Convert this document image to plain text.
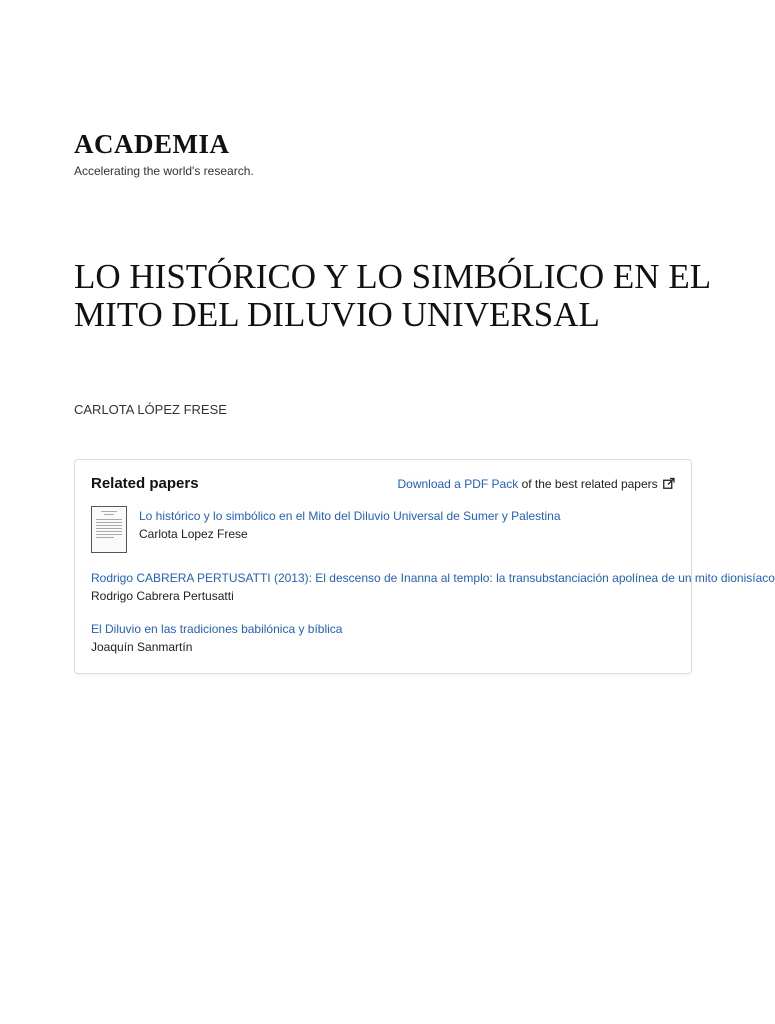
ACADEMIA
Accelerating the world's research.
LO HISTÓRICO Y LO SIMBÓLICO EN EL MITO DEL DILUVIO UNIVERSAL
CARLOTA LÓPEZ FRESE
Related papers	Download a PDF Pack of the best related papers
Lo histórico y lo simbólico en el Mito del Diluvio Universal de Sumer y Palestina
Carlota Lopez Frese
Rodrigo CABRERA PERTUSATTI (2013): El descenso de Inanna al templo: la transubstanciación apolínea de un mito dionisíaco
Rodrigo Cabrera Pertusatti
El Diluvio en las tradiciones babilónica y bíblica
Joaquín Sanmartín
